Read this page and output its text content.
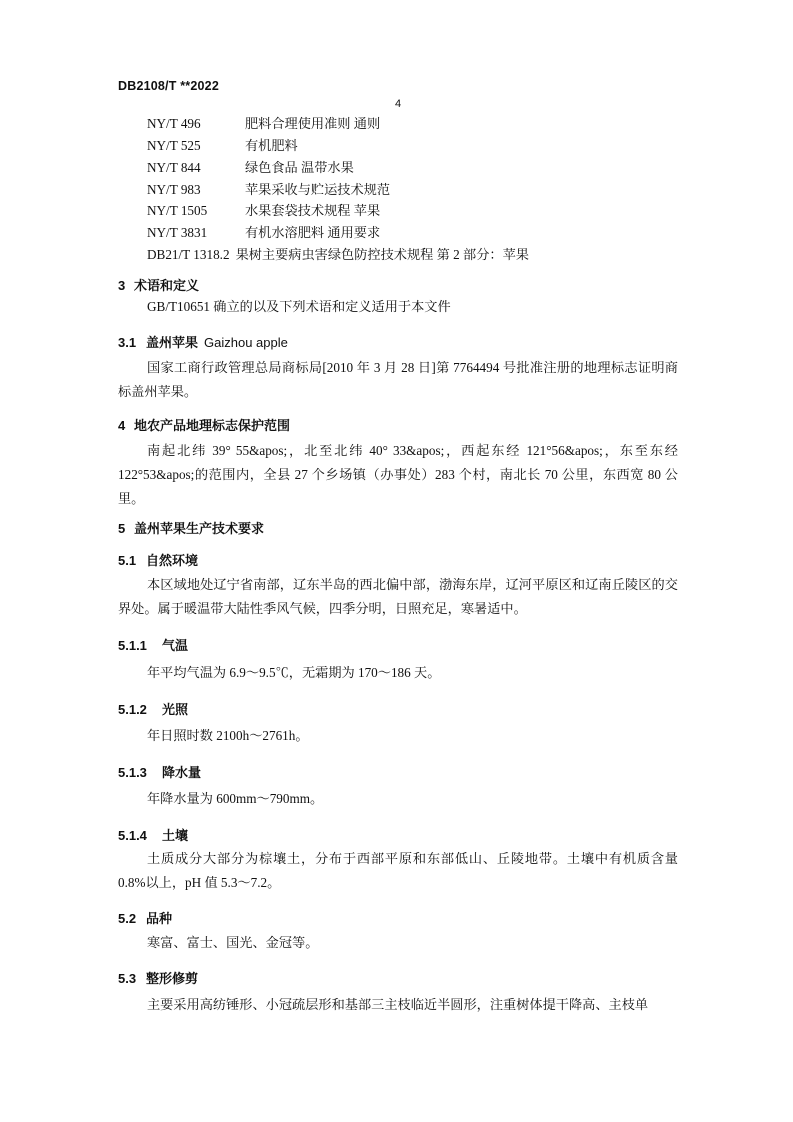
DB2108/T **2022
4
NY/T 496	肥料合理使用准则 通则
NY/T 525	有机肥料
NY/T 844	绿色食品 温带水果
NY/T 983	苹果采收与贮运技术规范
NY/T 1505	水果套袋技术规程 苹果
NY/T 3831	有机水溶肥料 通用要求
DB21/T 1318.2 果树主要病虫害绿色防控技术规程 第 2 部分：苹果
3 术语和定义
GB/T10651 确立的以及下列术语和定义适用于本文件
3.1 盖州苹果 Gaizhou apple
国家工商行政管理总局商标局[2010 年 3 月 28 日]第 7764494 号批准注册的地理标志证明商标盖州苹果。
4 地农产品地理标志保护范围
南起北纬 39° 55&apos;，北至北纬 40° 33&apos;，西起东经 121°56&apos;，东至东经 122°53&apos;的范围内，全县 27 个乡场镇（办事处）283 个村，南北长 70 公里，东西宽 80 公里。
5 盖州苹果生产技术要求
5.1 自然环境
本区域地处辽宁省南部，辽东半岛的西北偏中部，渤海东岸，辽河平原区和辽南丘陵区的交界处。属于暖温带大陆性季风气候，四季分明，日照充足，寒暑适中。
5.1.1 气温
年平均气温为 6.9～9.5℃，无霜期为 170～186 天。
5.1.2 光照
年日照时数 2100h～2761h。
5.1.3 降水量
年降水量为 600mm～790mm。
5.1.4 土壤
土质成分大部分为棕壤土，分布于西部平原和东部低山、丘陵地带。土壤中有机质含量 0.8%以上，pH 值 5.3～7.2。
5.2 品种
寒富、富士、国光、金冠等。
5.3 整形修剪
主要采用高纺锤形、小冠疏层形和基部三主枝临近半圆形，注重树体提干降高、主枝单
